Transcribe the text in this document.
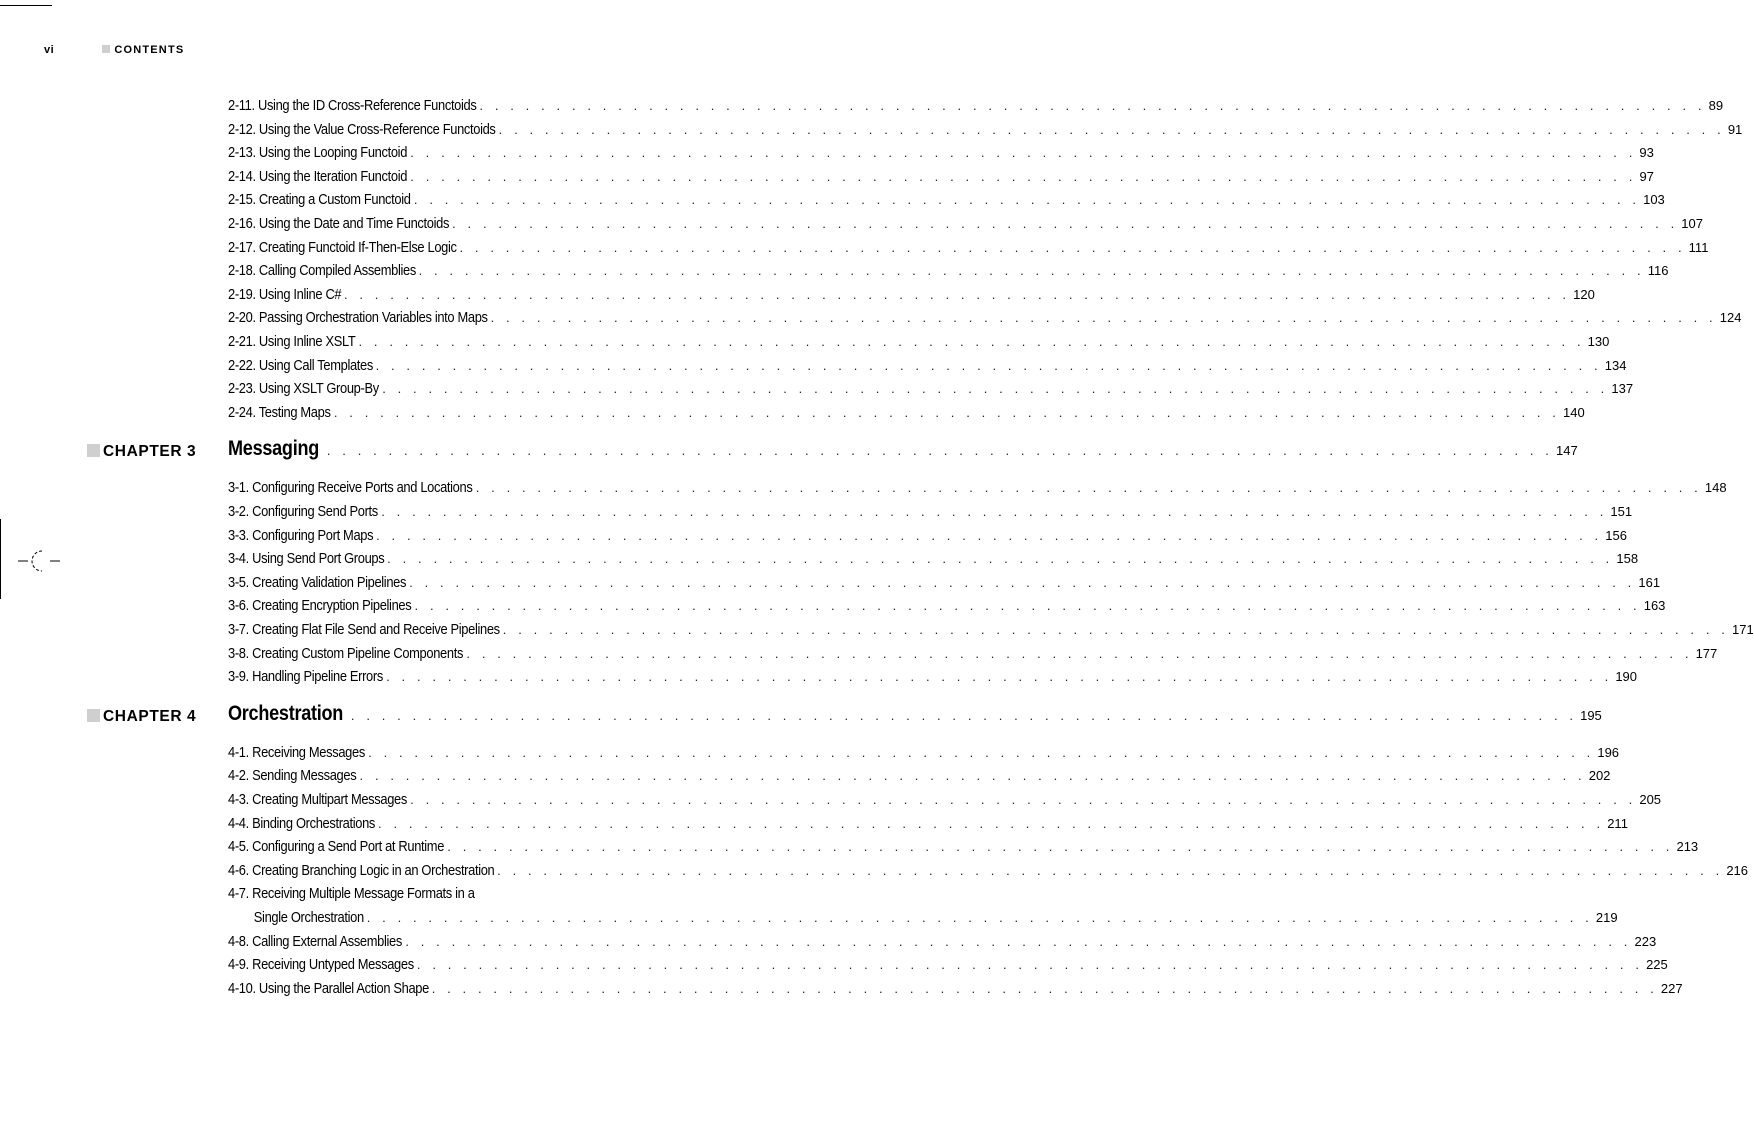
vi	CONTENTS
2-11. Using the ID Cross-Reference Functoids . . . . . . . . . . . . . . . . . . . . . . . . . . . . . . . . . . . . . . . . . . . . . . . . . . . . . . . . . . . . . . . . . . . . . . . . . . . . . . . . 89
2-12. Using the Value Cross-Reference Functoids . . . . . . . . . . . . . . . . . . . . . . . . . . . . . . . . . . . . . . . . . . . . . . . . . . . . . . . . . . . . . . . . . . . . . . . . . . . . . . . . 91
2-13. Using the Looping Functoid . . . . . . . . . . . . . . . . . . . . . . . . . . . . . . . . . . . . . . . . . . . . . . . . . . . . . . . . . . . . . . . . . . . . . . . . . . . . . . . . 93
2-14. Using the Iteration Functoid . . . . . . . . . . . . . . . . . . . . . . . . . . . . . . . . . . . . . . . . . . . . . . . . . . . . . . . . . . . . . . . . . . . . . . . . . . . . . . . . 97
2-15. Creating a Custom Functoid . . . . . . . . . . . . . . . . . . . . . . . . . . . . . . . . . . . . . . . . . . . . . . . . . . . . . . . . . . . . . . . . . . . . . . . . . . . . . . . . 103
2-16. Using the Date and Time Functoids . . . . . . . . . . . . . . . . . . . . . . . . . . . . . . . . . . . . . . . . . . . . . . . . . . . . . . . . . . . . . . . . . . . . . . . . . . . . . . . . 107
2-17. Creating Functoid If-Then-Else Logic . . . . . . . . . . . . . . . . . . . . . . . . . . . . . . . . . . . . . . . . . . . . . . . . . . . . . . . . . . . . . . . . . . . . . . . . . . . . . . . . 111
2-18. Calling Compiled Assemblies . . . . . . . . . . . . . . . . . . . . . . . . . . . . . . . . . . . . . . . . . . . . . . . . . . . . . . . . . . . . . . . . . . . . . . . . . . . . . . . . 116
2-19. Using Inline C# . . . . . . . . . . . . . . . . . . . . . . . . . . . . . . . . . . . . . . . . . . . . . . . . . . . . . . . . . . . . . . . . . . . . . . . . . . . . . . . . 120
2-20. Passing Orchestration Variables into Maps . . . . . . . . . . . . . . . . . . . . . . . . . . . . . . . . . . . . . . . . . . . . . . . . . . . . . . . . . . . . . . . . . . . . . . . . . . . . . . . . 124
2-21. Using Inline XSLT . . . . . . . . . . . . . . . . . . . . . . . . . . . . . . . . . . . . . . . . . . . . . . . . . . . . . . . . . . . . . . . . . . . . . . . . . . . . . . . . 130
2-22. Using Call Templates . . . . . . . . . . . . . . . . . . . . . . . . . . . . . . . . . . . . . . . . . . . . . . . . . . . . . . . . . . . . . . . . . . . . . . . . . . . . . . . . 134
2-23. Using XSLT Group-By . . . . . . . . . . . . . . . . . . . . . . . . . . . . . . . . . . . . . . . . . . . . . . . . . . . . . . . . . . . . . . . . . . . . . . . . . . . . . . . . 137
2-24. Testing Maps . . . . . . . . . . . . . . . . . . . . . . . . . . . . . . . . . . . . . . . . . . . . . . . . . . . . . . . . . . . . . . . . . . . . . . . . . . . . . . . . 140
CHAPTER 3 Messaging . . . . . . . . . . . . . . . . . . . . . . . . . . . . . . . . . . . . . . . . . . . . . . . . . . . . . . . . . . . . . . . . . . . . . . . . . . . . . . . . 147
3-1. Configuring Receive Ports and Locations . . . . . . . . . . . . . . . . . . . . . . . . . . . . . . . . . . . . . . . . . . . . . . . . . . . . . . . . . . . . . . . . . . . . . . . . . . . . . . . . 148
3-2. Configuring Send Ports . . . . . . . . . . . . . . . . . . . . . . . . . . . . . . . . . . . . . . . . . . . . . . . . . . . . . . . . . . . . . . . . . . . . . . . . . . . . . . . . 151
3-3. Configuring Port Maps . . . . . . . . . . . . . . . . . . . . . . . . . . . . . . . . . . . . . . . . . . . . . . . . . . . . . . . . . . . . . . . . . . . . . . . . . . . . . . . . 156
3-4. Using Send Port Groups . . . . . . . . . . . . . . . . . . . . . . . . . . . . . . . . . . . . . . . . . . . . . . . . . . . . . . . . . . . . . . . . . . . . . . . . . . . . . . . . 158
3-5. Creating Validation Pipelines . . . . . . . . . . . . . . . . . . . . . . . . . . . . . . . . . . . . . . . . . . . . . . . . . . . . . . . . . . . . . . . . . . . . . . . . . . . . . . . . 161
3-6. Creating Encryption Pipelines . . . . . . . . . . . . . . . . . . . . . . . . . . . . . . . . . . . . . . . . . . . . . . . . . . . . . . . . . . . . . . . . . . . . . . . . . . . . . . . . 163
3-7. Creating Flat File Send and Receive Pipelines . . . . . . . . . . . . . . . . . . . . . . . . . . . . . . . . . . . . . . . . . . . . . . . . . . . . . . . . . . . . . . . . . . . . . . . . . . . . . . . . 171
3-8. Creating Custom Pipeline Components . . . . . . . . . . . . . . . . . . . . . . . . . . . . . . . . . . . . . . . . . . . . . . . . . . . . . . . . . . . . . . . . . . . . . . . . . . . . . . . . 177
3-9. Handling Pipeline Errors . . . . . . . . . . . . . . . . . . . . . . . . . . . . . . . . . . . . . . . . . . . . . . . . . . . . . . . . . . . . . . . . . . . . . . . . . . . . . . . . 190
CHAPTER 4 Orchestration . . . . . . . . . . . . . . . . . . . . . . . . . . . . . . . . . . . . . . . . . . . . . . . . . . . . . . . . . . . . . . . . . . . . . . . . . . . . . . . . 195
4-1. Receiving Messages . . . . . . . . . . . . . . . . . . . . . . . . . . . . . . . . . . . . . . . . . . . . . . . . . . . . . . . . . . . . . . . . . . . . . . . . . . . . . . . . 196
4-2. Sending Messages . . . . . . . . . . . . . . . . . . . . . . . . . . . . . . . . . . . . . . . . . . . . . . . . . . . . . . . . . . . . . . . . . . . . . . . . . . . . . . . . 202
4-3. Creating Multipart Messages . . . . . . . . . . . . . . . . . . . . . . . . . . . . . . . . . . . . . . . . . . . . . . . . . . . . . . . . . . . . . . . . . . . . . . . . . . . . . . . . 205
4-4. Binding Orchestrations . . . . . . . . . . . . . . . . . . . . . . . . . . . . . . . . . . . . . . . . . . . . . . . . . . . . . . . . . . . . . . . . . . . . . . . . . . . . . . . . 211
4-5. Configuring a Send Port at Runtime . . . . . . . . . . . . . . . . . . . . . . . . . . . . . . . . . . . . . . . . . . . . . . . . . . . . . . . . . . . . . . . . . . . . . . . . . . . . . . . . 213
4-6. Creating Branching Logic in an Orchestration . . . . . . . . . . . . . . . . . . . . . . . . . . . . . . . . . . . . . . . . . . . . . . . . . . . . . . . . . . . . . . . . . . . . . . . . . . . . . . . . 216
4-7. Receiving Multiple Message Formats in a
Single Orchestration . . . . . . . . . . . . . . . . . . . . . . . . . . . . . . . . . . . . . . . . . . . . . . . . . . . . . . . . . . . . . . . . . . . . . . . . . . . . . . . . 219
4-8. Calling External Assemblies . . . . . . . . . . . . . . . . . . . . . . . . . . . . . . . . . . . . . . . . . . . . . . . . . . . . . . . . . . . . . . . . . . . . . . . . . . . . . . . . 223
4-9. Receiving Untyped Messages . . . . . . . . . . . . . . . . . . . . . . . . . . . . . . . . . . . . . . . . . . . . . . . . . . . . . . . . . . . . . . . . . . . . . . . . . . . . . . . . 225
4-10. Using the Parallel Action Shape . . . . . . . . . . . . . . . . . . . . . . . . . . . . . . . . . . . . . . . . . . . . . . . . . . . . . . . . . . . . . . . . . . . . . . . . . . . . . . . . 227
